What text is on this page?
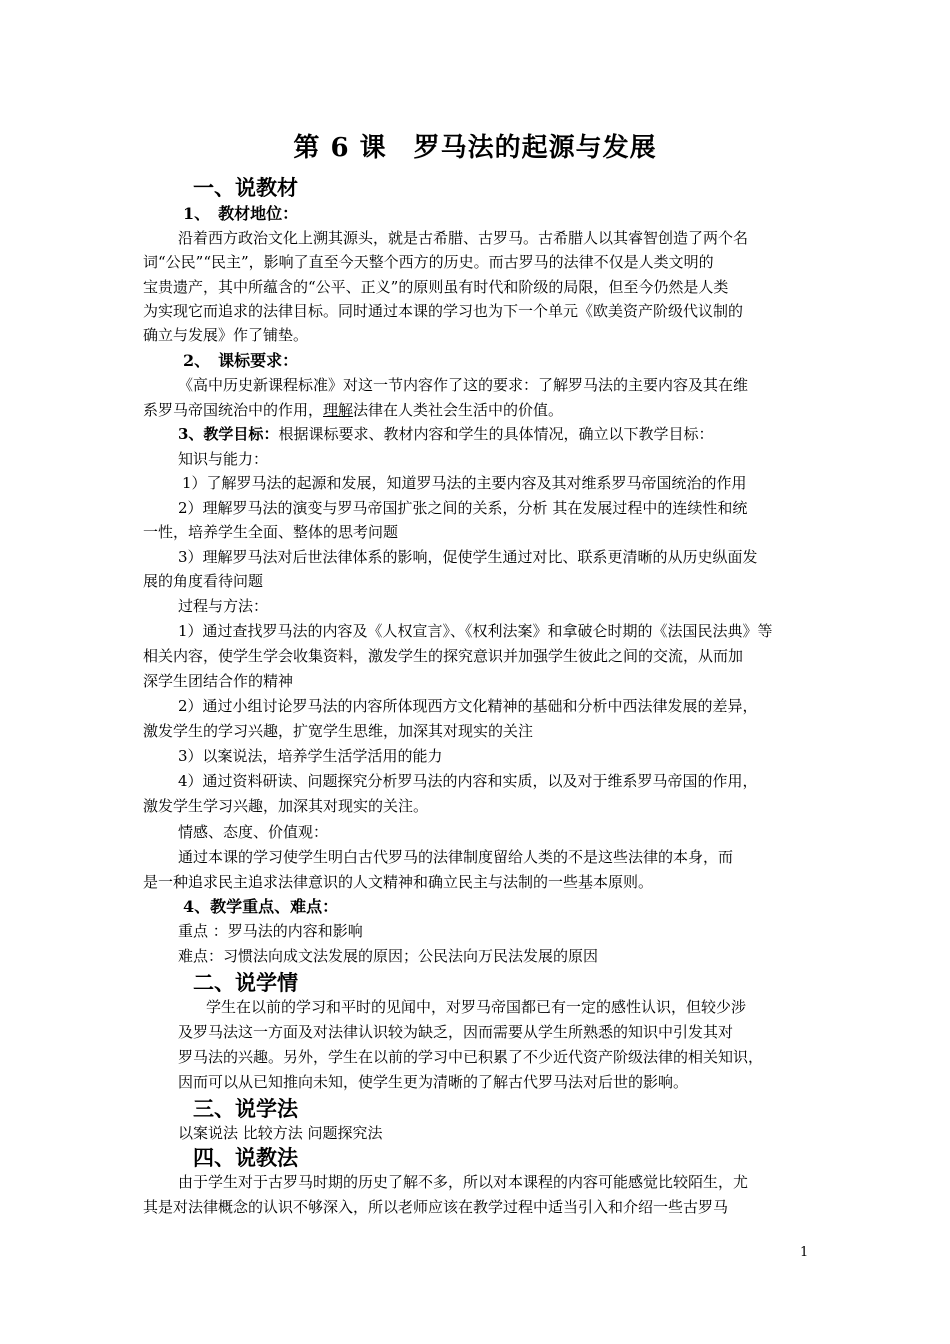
第 6 课　罗马法的起源与发展
一、说教材
1、　教材地位：
沿着西方政治文化上溯其源头，就是古希腊、古罗马。古希腊人以其睿智创造了两个名
词“公民”“民主”，影响了直至今天整个西方的历史。而古罗马的法律不仅是人类文明的
宝贵遗产，其中所蕴含的“公平、正义”的原则虽有时代和阶级的局限，但至今仍然是人类
为实现它而追求的法律目标。同时通过本课的学习也为下一个单元《欧美资产阶级代议制的
确立与发展》作了铺垫。
2、　课标要求：
《高中历史新课程标准》对这一节内容作了这的要求：了解罗马法的主要内容及其在维
系罗马帝国统治中的作用，理解法律在人类社会生活中的价值。
3、教学目标：根据课标要求、教材内容和学生的具体情况，确立以下教学目标：
知识与能力：
1）了解罗马法的起源和发展，知道罗马法的主要内容及其对维系罗马帝国统治的作用
2）理解罗马法的演变与罗马帝国扩张之间的关系，分析 其在发展过程中的连续性和统
一性，培养学生全面、整体的思考问题
3）理解罗马法对后世法律体系的影响，促使学生通过对比、联系更清晰的从历史纵面发
展的角度看待问题
过程与方法：
1）通过查找罗马法的内容及《人权宣言》、《权利法案》和拿破仑时期的《法国民法典》等
相关内容，使学生学会收集资料，激发学生的探究意识并加强学生彼此之间的交流，从而加
深学生团结合作的精神
2）通过小组讨论罗马法的内容所体现西方文化精神的基础和分析中西法律发展的差异，
激发学生的学习兴趣，扩宽学生思维，加深其对现实的关注
3）以案说法，培养学生活学活用的能力
4）通过资料研读、问题探究分析罗马法的内容和实质，以及对于维系罗马帝国的作用，
激发学生学习兴趣，加深其对现实的关注。
情感、态度、价值观：
通过本课的学习使学生明白古代罗马的法律制度留给人类的不是这些法律的本身，而
是一种追求民主追求法律意识的人文精神和确立民主与法制的一些基本原则。
4、教学重点、难点：
重点 ：罗马法的内容和影响
难点：习惯法向成文法发展的原因；公民法向万民法发展的原因
二、说学情
学生在以前的学习和平时的见闻中，对罗马帝国都已有一定的感性认识，但较少涉
及罗马法这一方面及对法律认识较为缺乏，因而需要从学生所熟悉的知识中引发其对
罗马法的兴趣。另外，学生在以前的学习中已积累了不少近代资产阶级法律的相关知识，
因而可以从已知推向未知，使学生更为清晰的了解古代罗马法对后世的影响。
三、说学法
以案说法 比较方法 问题探究法
四、说教法
由于学生对于古罗马时期的历史了解不多，所以对本课程的内容可能感觉比较陌生，尤
其是对法律概念的认识不够深入，所以老师应该在教学过程中适当引入和介绍一些古罗马
1
